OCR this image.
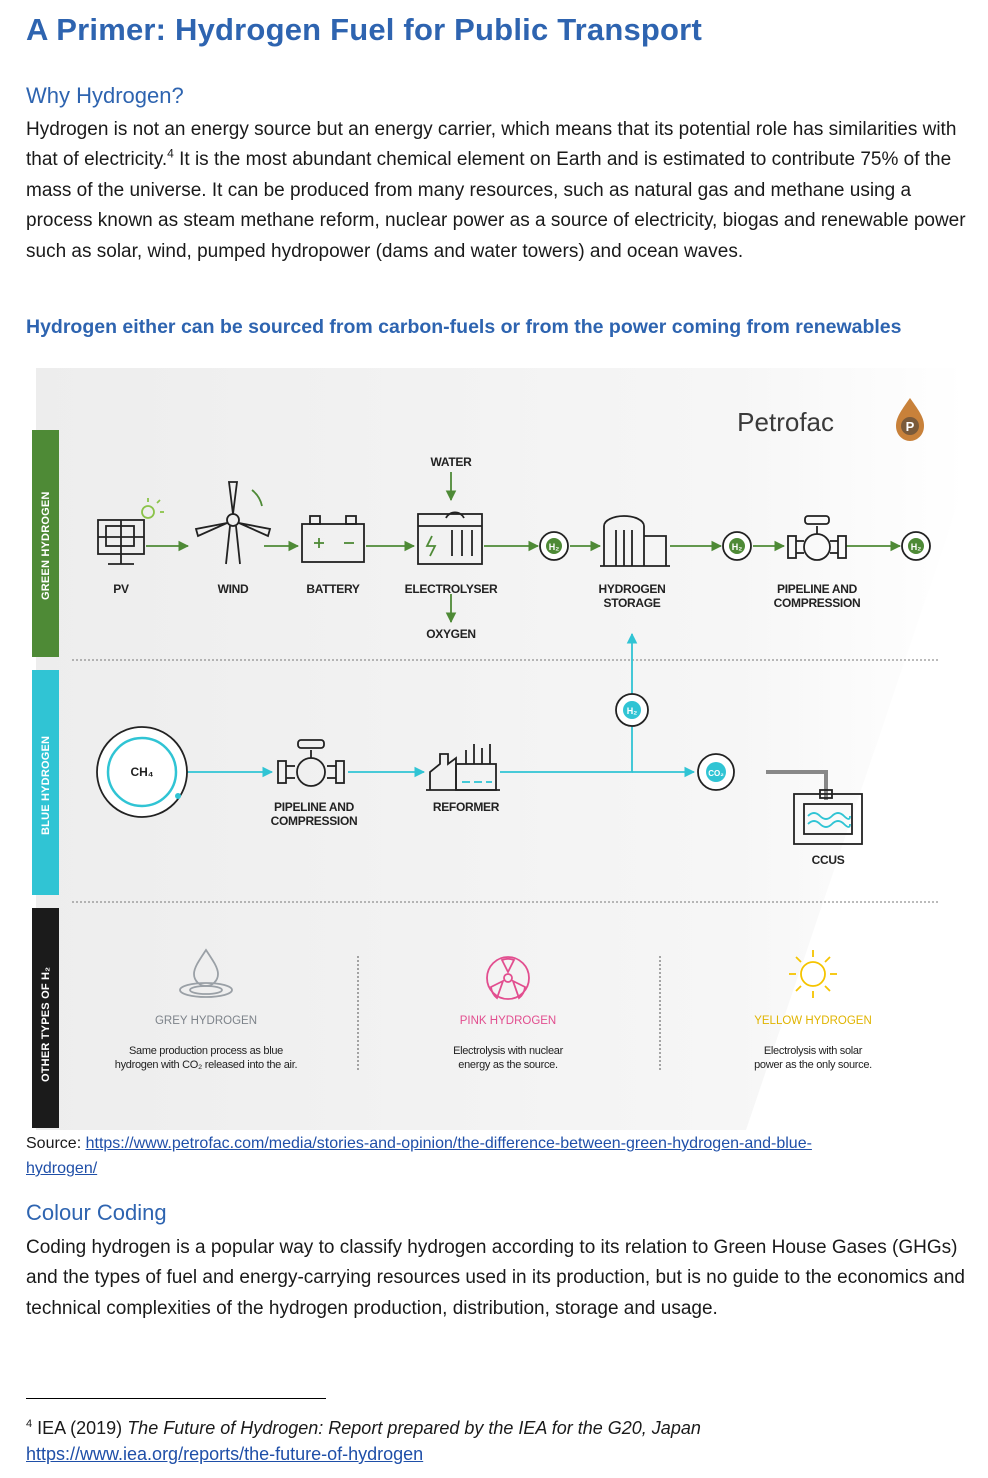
A Primer: Hydrogen Fuel for Public Transport
Why Hydrogen?

Hydrogen is not an energy source but an energy carrier, which means that its potential role has similarities with that of electricity.$^4$ It is the most abundant chemical element on Earth and is estimated to contribute 75% of the mass of the universe. It can be produced from many resources, such as natural gas and methane using a process known as steam methane reform, nuclear power as a source of electricity, biogas and renewable power such as solar, wind, pumped hydropower (dams and water towers) and ocean waves.

Hydrogen either can be sourced from carbon-fuels or from the power coming from renewables

Petrofac	P
GREEN HYDROGEN
BLUE HYDROGEN
OTHER TYPES OF H₂
WATER
PV	WIND	BATTERY	ELECTROLYSER
OXYGEN
H₂
HYDROGEN
STORAGE
H₂
PIPELINE AND
COMPRESSION
H₂
CH₄
PIPELINE AND
COMPRESSION
REFORMER
H₂
CO₂
CCUS
GREY HYDROGEN
Same production process as blue
hydrogen with CO₂ released into the air.
PINK HYDROGEN
Electrolysis with nuclear
energy as the source.
YELLOW HYDROGEN
Electrolysis with solar
power as the only source.

Source: https://www.petrofac.com/media/stories-and-opinion/the-difference-between-green-hydrogen-and-blue-
hydrogen/

Colour Coding

Coding hydrogen is a popular way to classify hydrogen according to its relation to Green House Gases (GHGs) and the types of fuel and energy-carrying resources used in its production, but is no guide to the economics and technical complexities of the hydrogen production, distribution, storage and usage.

$^4$ IEA (2019) The Future of Hydrogen: Report prepared by the IEA for the G20, Japan
https://www.iea.org/reports/the-future-of-hydrogen
